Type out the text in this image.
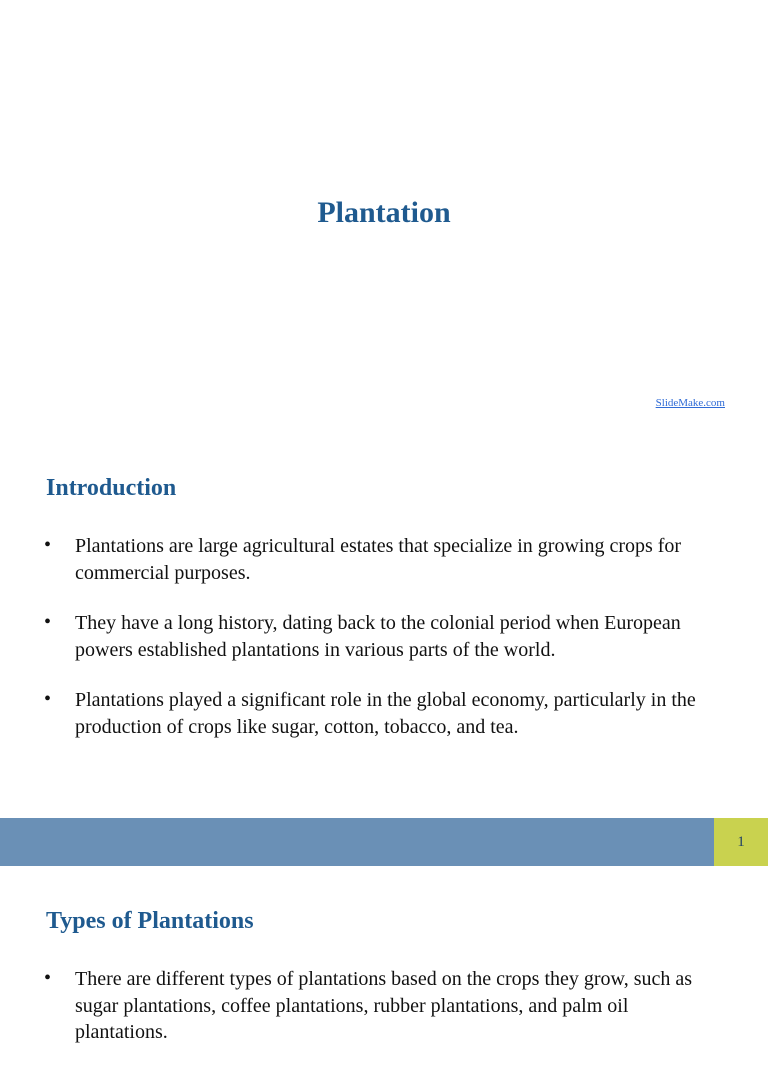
Plantation
SlideMake.com
Introduction
• Plantations are large agricultural estates that specialize in growing crops for commercial purposes.
• They have a long history, dating back to the colonial period when European powers established plantations in various parts of the world.
• Plantations played a significant role in the global economy, particularly in the production of crops like sugar, cotton, tobacco, and tea.
1
Types of Plantations
• There are different types of plantations based on the crops they grow, such as sugar plantations, coffee plantations, rubber plantations, and palm oil plantations.
